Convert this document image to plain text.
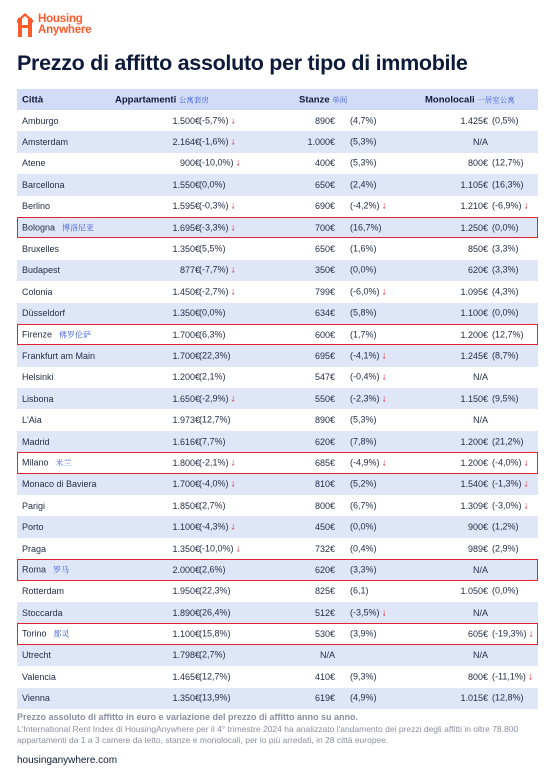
Housing
Anywhere
Prezzo di affitto assoluto per tipo di immobile
Città	Appartamenti 公寓套房	Stanze 单间	Monolocali 一居室公寓
Amburgo	1.500€ (-5,7%) ↓	890€ (4,7%)	1.425€ (0,5%)
Amsterdam	2.164€ (-1,6%) ↓	1.000€ (5,3%)	N/A
Atene	900€ (-10,0%) ↓	400€ (5,3%)	800€ (12,7%)
Barcellona	1.550€ (0,0%)	650€ (2,4%)	1.105€ (16,3%)
Berlino	1.595€ (-0,3%) ↓	690€ (-4,2%) ↓	1.210€ (-6,9%) ↓
Bologna 博洛尼亚	1.695€ (-3,3%) ↓	700€ (16,7%)	1.250€ (0,0%)
Bruxelles	1.350€ (5,5%)	650€ (1,6%)	850€ (3,3%)
Budapest	877€ (-7,7%) ↓	350€ (0,0%)	620€ (3,3%)
Colonia	1.450€ (-2,7%) ↓	799€ (-6,0%) ↓	1.095€ (4,3%)
Düsseldorf	1.350€ (0,0%)	634€ (5,8%)	1.100€ (0,0%)
Firenze 佛罗伦萨	1.700€ (6,3%)	600€ (1,7%)	1.200€ (12,7%)
Frankfurt am Main	1.700€ (22,3%)	695€ (-4,1%) ↓	1.245€ (8,7%)
Helsinki	1.200€ (2,1%)	547€ (-0,4%) ↓	N/A
Lisbona	1.650€ (-2,9%) ↓	550€ (-2,3%) ↓	1.150€ (9,5%)
L'Aia	1.973€ (12,7%)	890€ (5,3%)	N/A
Madrid	1.616€ (7,7%)	620€ (7,8%)	1.200€ (21,2%)
Milano 米兰	1.800€ (-2,1%) ↓	685€ (-4,9%) ↓	1.200€ (-4,0%) ↓
Monaco di Baviera	1.700€ (-4,0%) ↓	810€ (5,2%)	1.540€ (-1,3%) ↓
Parigi	1.850€ (2,7%)	800€ (6,7%)	1.309€ (-3,0%) ↓
Porto	1.100€ (-4,3%) ↓	450€ (0,0%)	900€ (1,2%)
Praga	1.350€ (-10,0%) ↓	732€ (0,4%)	989€ (2,9%)
Roma 罗马	2.000€ (2,6%)	620€ (3,3%)	N/A
Rotterdam	1.950€ (22,3%)	825€ (6,1)	1.050€ (0,0%)
Stoccarda	1.890€ (26,4%)	512€ (-3,5%) ↓	N/A
Torino 都灵	1.100€ (15,8%)	530€ (3,9%)	605€ (-19,3%) ↓
Utrecht	1.798€ (2,7%)	N/A	N/A
Valencia	1.465€ (12,7%)	410€ (9,3%)	800€ (-11,1%) ↓
Vienna	1.350€ (13,9%)	619€ (4,9%)	1.015€ (12,8%)
Prezzo assoluto di affitto in euro e variazione del prezzo di affitto anno su anno.
L'International Rent Index di HousingAnywhere per il 4° trimestre 2024 ha analizzato l'andamento dei prezzi degli affitti in oltre 78.800 appartamenti da 1 a 3 camere da letto, stanze e monolocali, per lo più arredati, in 28 città europee.
housinganywhere.com
